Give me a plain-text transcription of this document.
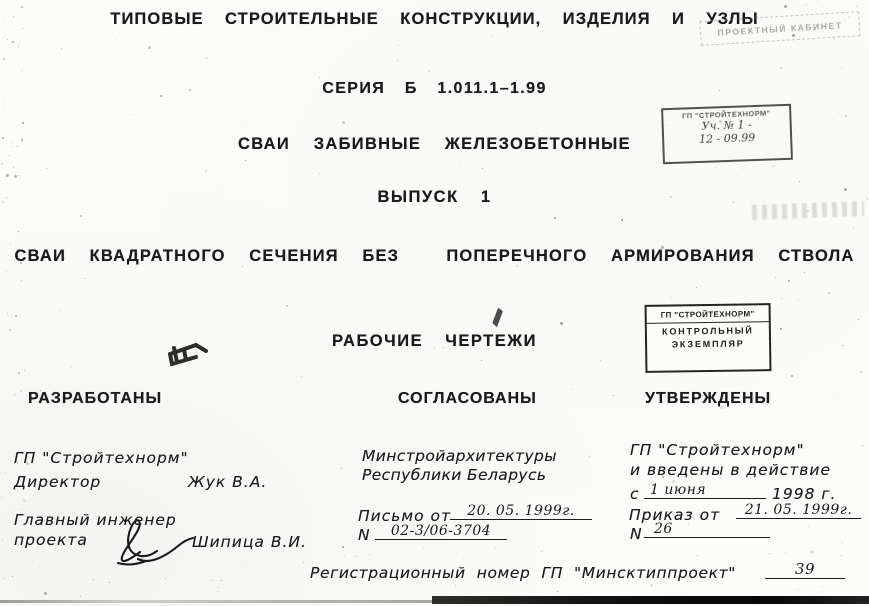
ТИПОВЫЕ  СТРОИТЕЛЬНЫЕ  КОНСТРУКЦИИ,  ИЗДЕЛИЯ  И  УЗЛЫ
СЕРИЯ  Б  1.011.1–1.99
СВАИ  ЗАБИВНЫЕ  ЖЕЛЕЗОБЕТОННЫЕ
ВЫПУСК  1
СВАИ  КВАДРАТНОГО  СЕЧЕНИЯ  БЕЗ    ПОПЕРЕЧНОГО  АРМИРОВАНИЯ  СТВОЛА
РАБОЧИЕ  ЧЕРТЕЖИ
ПРОЕКТНЫЙ КАБИНЕТ
ГП "СТРОЙТЕХНОРМ"
Уч. № 1 -
12 - 09.99
ГП "СТРОЙТЕХНОРМ"
КОНТРОЛЬНЫЙ
ЭКЗЕМПЛЯР
РАЗРАБОТАНЫ	СОГЛАСОВАНЫ	УТВЕРЖДЕНЫ
ГП "Стройтехнорм"
Директор	Жук В.А.
Главный инженер
проекта	Шипица В.И.
Минстройархитектуры
Республики Беларусь
Письмо от	20. 05. 1999г.
N	02-3/06-3704
ГП "Стройтехнорм"
и введены в действие
с 1 июня	1998 г.
Приказ от	21. 05. 1999г.
N 26
Регистрационный  номер  ГП  "Минсктиппроект"	39
